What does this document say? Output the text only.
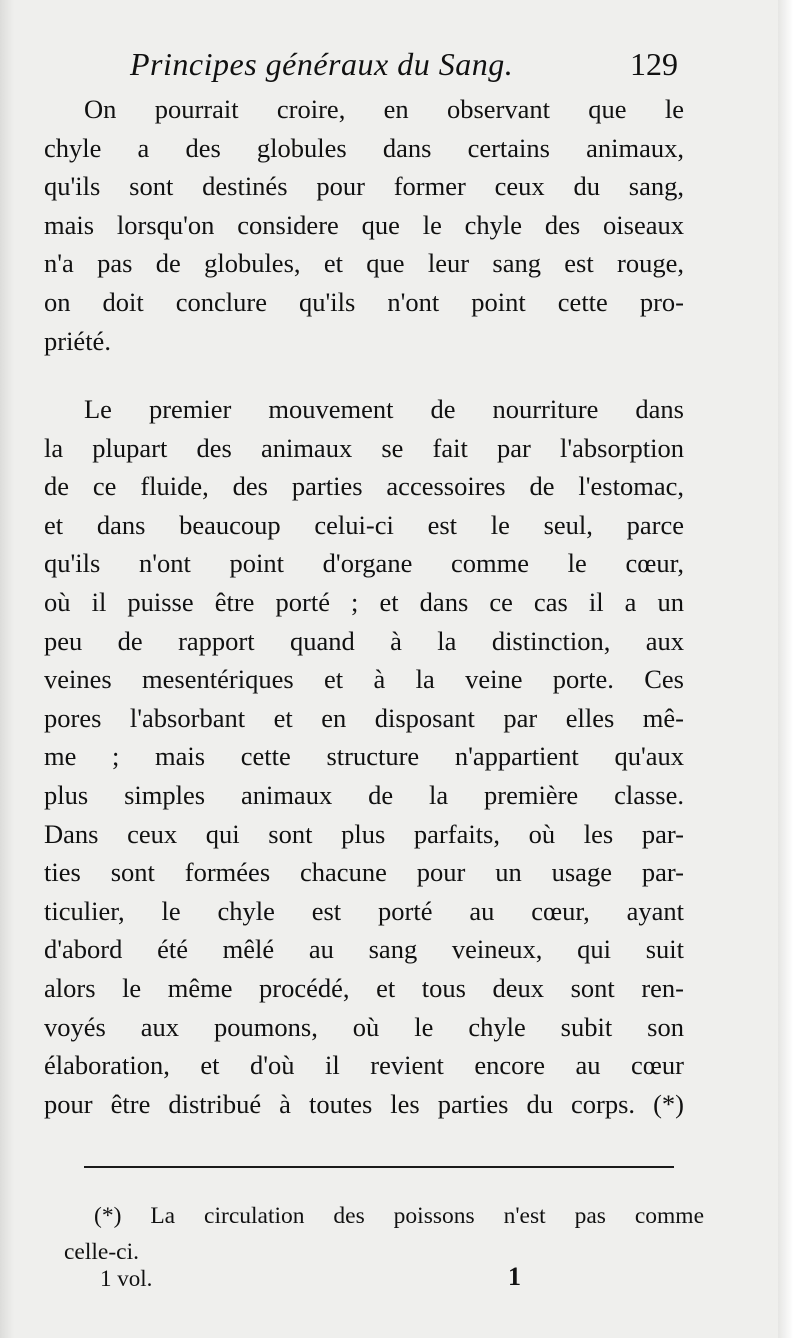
Principes généraux du Sang.	129
On pourrait croire, en observant que le
chyle a des globules dans certains animaux,
qu'ils sont destinés pour former ceux du sang,
mais lorsqu'on considere que le chyle des oiseaux
n'a pas de globules, et que leur sang est rouge,
on doit conclure qu'ils n'ont point cette pro-
priété.
Le premier mouvement de nourriture dans
la plupart des animaux se fait par l'absorption
de ce fluide, des parties accessoires de l'estomac,
et dans beaucoup celui-ci est le seul, parce
qu'ils n'ont point d'organe comme le cœur,
où il puisse être porté ; et dans ce cas il a un
peu de rapport quand à la distinction, aux
veines mesentériques et à la veine porte. Ces
pores l'absorbant et en disposant par elles mê-
me ; mais cette structure n'appartient qu'aux
plus simples animaux de la première classe.
Dans ceux qui sont plus parfaits, où les par-
ties sont formées chacune pour un usage par-
ticulier, le chyle est porté au cœur, ayant
d'abord été mêlé au sang veineux, qui suit
alors le même procédé, et tous deux sont ren-
voyés aux poumons, où le chyle subit son
élaboration, et d'où il revient encore au cœur
pour être distribué à toutes les parties du corps. (*)
(*) La circulation des poissons n'est pas comme
celle-ci.
1 vol.	1
